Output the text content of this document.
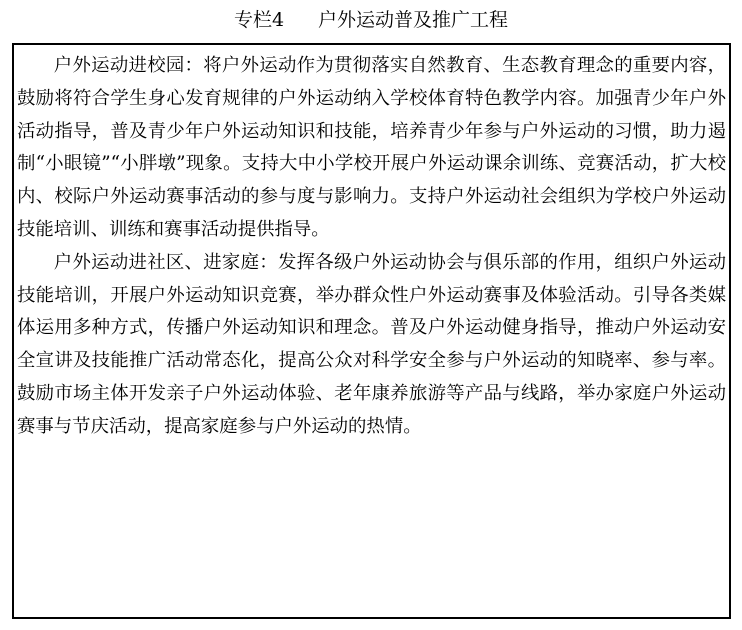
专栏4 户外运动普及推广工程

户外运动进校园：将户外运动作为贯彻落实自然教育、生态教育理念的重要内容，鼓励将符合学生身心发育规律的户外运动纳入学校体育特色教学内容。加强青少年户外活动指导，普及青少年户外运动知识和技能，培养青少年参与户外运动的习惯，助力遏制“小眼镜”“小胖墩”现象。支持大中小学校开展户外运动课余训练、竞赛活动，扩大校内、校际户外运动赛事活动的参与度与影响力。支持户外运动社会组织为学校户外运动技能培训、训练和赛事活动提供指导。

户外运动进社区、进家庭：发挥各级户外运动协会与俱乐部的作用，组织户外运动技能培训，开展户外运动知识竞赛，举办群众性户外运动赛事及体验活动。引导各类媒体运用多种方式，传播户外运动知识和理念。普及户外运动健身指导，推动户外运动安全宣讲及技能推广活动常态化，提高公众对科学安全参与户外运动的知晓率、参与率。鼓励市场主体开发亲子户外运动体验、老年康养旅游等产品与线路，举办家庭户外运动赛事与节庆活动，提高家庭参与户外运动的热情。
